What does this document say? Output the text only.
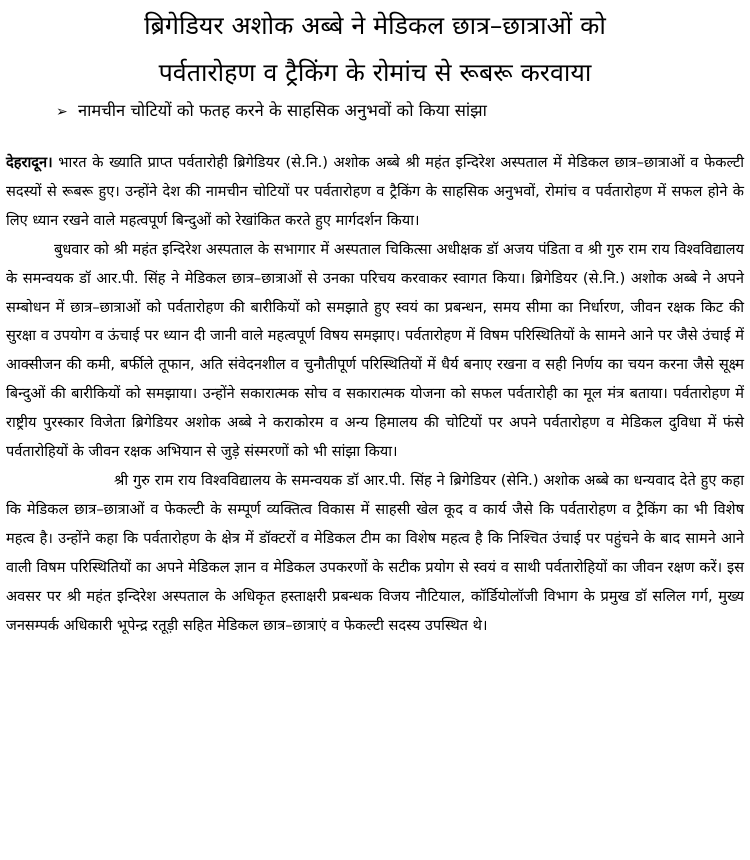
ब्रिगेडियर अशोक अब्बे ने मेडिकल छात्र–छात्राओं को
पर्वतारोहण व ट्रैकिंग के रोमांच से रूबरू करवाया

➢ नामचीन चोटियों को फतह करने के साहसिक अनुभवों को किया सांझा

देहरादून। भारत के ख्याति प्राप्त पर्वतारोही ब्रिगेडियर (से.नि.) अशोक अब्बे श्री महंत इन्दिरेश अस्पताल में मेडिकल छात्र–छात्राओं व फेकल्टी सदस्यों से रूबरू हुए। उन्होंने देश की नामचीन चोटियों पर पर्वतारोहण व ट्रैकिंग के साहसिक अनुभवों, रोमांच व पर्वतारोहण में सफल होने के लिए ध्यान रखने वाले महत्वपूर्ण बिन्दुओं को रेखांकित करते हुए मार्गदर्शन किया।

बुधवार को श्री महंत इन्दिरेश अस्पताल के सभागार में अस्पताल चिकित्सा अधीक्षक डॉ अजय पंडिता व श्री गुरु राम राय विश्वविद्यालय के समन्वयक डॉ आर.पी. सिंह ने मेडिकल छात्र–छात्राओं से उनका परिचय करवाकर स्वागत किया। ब्रिगेडियर (से.नि.) अशोक अब्बे ने अपने सम्बोधन में छात्र–छात्राओं को पर्वतारोहण की बारीकियों को समझाते हुए स्वयं का प्रबन्धन, समय सीमा का निर्धारण, जीवन रक्षक किट की सुरक्षा व उपयोग व ऊंचाई पर ध्यान दी जानी वाले महत्वपूर्ण विषय समझाए। पर्वतारोहण में विषम परिस्थितियों के सामने आने पर जैसे उंचाई में आक्सीजन की कमी, बर्फीले तूफान, अति संवेदनशील व चुनौतीपूर्ण परिस्थितियों में धैर्य बनाए रखना व सही निर्णय का चयन करना जैसे सूक्ष्म बिन्दुओं की बारीकियों को समझाया। उन्होंने सकारात्मक सोच व सकारात्मक योजना को सफल पर्वतारोही का मूल मंत्र बताया। पर्वतारोहण में राष्ट्रीय पुरस्कार विजेता ब्रिगेडियर अशोक अब्बे ने कराकोरम व अन्य हिमालय की चोटियों पर अपने पर्वतारोहण व मेडिकल दुविधा में फंसे पर्वतारोहियों के जीवन रक्षक अभियान से जुड़े संस्मरणों को भी सांझा किया।

श्री गुरु राम राय विश्वविद्यालय के समन्वयक डॉ आर.पी. सिंह ने ब्रिगेडियर (सेनि.) अशोक अब्बे का धन्यवाद देते हुए कहा कि मेडिकल छात्र–छात्राओं व फेकल्टी के सम्पूर्ण व्यक्तित्व विकास में साहसी खेल कूद व कार्य जैसे कि पर्वतारोहण व ट्रैकिंग का भी विशेष महत्व है। उन्होंने कहा कि पर्वतारोहण के क्षेत्र में डॉक्टरों व मेडिकल टीम का विशेष महत्व है कि निश्चित उंचाई पर पहुंचने के बाद सामने आने वाली विषम परिस्थितियों का अपने मेडिकल ज्ञान व मेडिकल उपकरणों के सटीक प्रयोग से स्वयं व साथी पर्वतारोहियों का जीवन रक्षण करें। इस अवसर पर श्री महंत इन्दिरेश अस्पताल के अधिकृत हस्ताक्षरी प्रबन्धक विजय नौटियाल, कॉर्डियोलॉजी विभाग के प्रमुख डॉ सलिल गर्ग, मुख्य जनसम्पर्क अधिकारी भूपेन्द्र रतूड़ी सहित मेडिकल छात्र–छात्राएं व फेकल्टी सदस्य उपस्थित थे।
